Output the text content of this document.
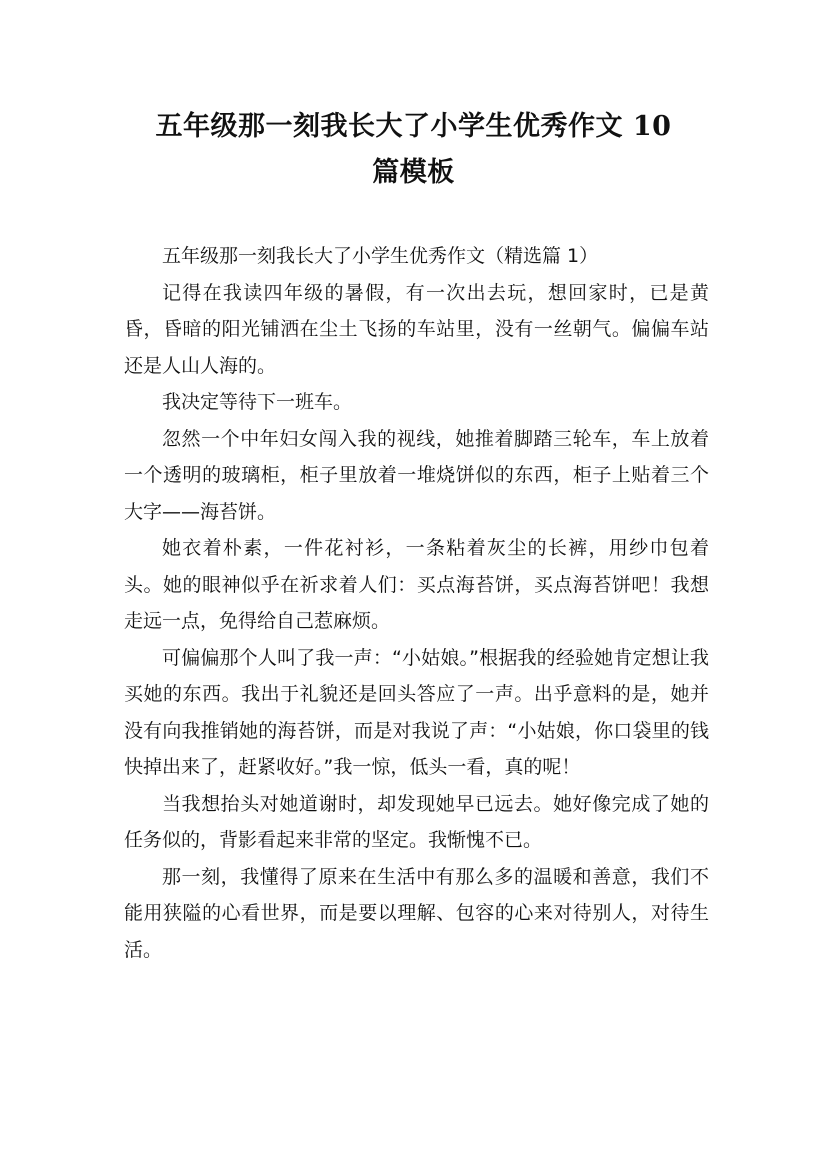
五年级那一刻我长大了小学生优秀作文 10
篇模板

五年级那一刻我长大了小学生优秀作文（精选篇 1）

记得在我读四年级的暑假，有一次出去玩，想回家时，已是黄昏，昏暗的阳光铺洒在尘土飞扬的车站里，没有一丝朝气。偏偏车站还是人山人海的。

我决定等待下一班车。

忽然一个中年妇女闯入我的视线，她推着脚踏三轮车，车上放着一个透明的玻璃柜，柜子里放着一堆烧饼似的东西，柜子上贴着三个大字——海苔饼。

她衣着朴素，一件花衬衫，一条粘着灰尘的长裤，用纱巾包着头。她的眼神似乎在祈求着人们：买点海苔饼，买点海苔饼吧！我想走远一点，免得给自己惹麻烦。

可偏偏那个人叫了我一声：“小姑娘。”根据我的经验她肯定想让我买她的东西。我出于礼貌还是回头答应了一声。出乎意料的是，她并没有向我推销她的海苔饼，而是对我说了声：“小姑娘，你口袋里的钱快掉出来了，赶紧收好。”我一惊，低头一看，真的呢！

当我想抬头对她道谢时，却发现她早已远去。她好像完成了她的任务似的，背影看起来非常的坚定。我惭愧不已。

那一刻，我懂得了原来在生活中有那么多的温暖和善意，我们不能用狭隘的心看世界，而是要以理解、包容的心来对待别人，对待生活。
